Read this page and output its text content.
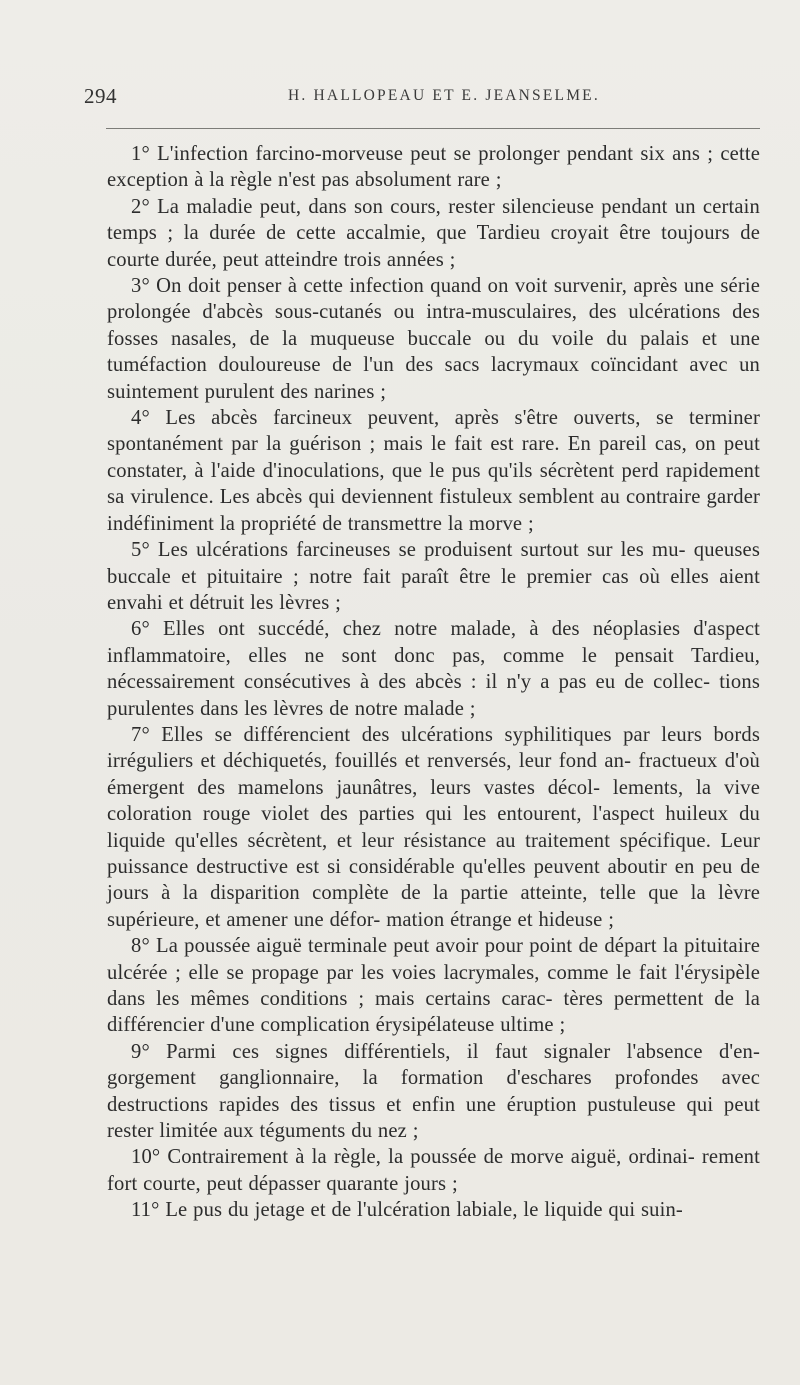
294	H. HALLOPEAU ET E. JEANSELME.

1° L'infection farcino-morveuse peut se prolonger pendant six ans ; cette exception à la règle n'est pas absolument rare ;

2° La maladie peut, dans son cours, rester silencieuse pendant un certain temps ; la durée de cette accalmie, que Tardieu croyait être toujours de courte durée, peut atteindre trois années ;

3° On doit penser à cette infection quand on voit survenir, après une série prolongée d'abcès sous-cutanés ou intra-musculaires, des ulcérations des fosses nasales, de la muqueuse buccale ou du voile du palais et une tuméfaction douloureuse de l'un des sacs lacrymaux coïncidant avec un suintement purulent des narines ;

4° Les abcès farcineux peuvent, après s'être ouverts, se terminer spontanément par la guérison ; mais le fait est rare. En pareil cas, on peut constater, à l'aide d'inoculations, que le pus qu'ils sécrètent perd rapidement sa virulence. Les abcès qui deviennent fistuleux semblent au contraire garder indéfiniment la propriété de transmettre la morve ;

5° Les ulcérations farcineuses se produisent surtout sur les mu- queuses buccale et pituitaire ; notre fait paraît être le premier cas où elles aient envahi et détruit les lèvres ;

6° Elles ont succédé, chez notre malade, à des néoplasies d'aspect inflammatoire, elles ne sont donc pas, comme le pensait Tardieu, nécessairement consécutives à des abcès : il n'y a pas eu de collec- tions purulentes dans les lèvres de notre malade ;

7° Elles se différencient des ulcérations syphilitiques par leurs bords irréguliers et déchiquetés, fouillés et renversés, leur fond an- fractueux d'où émergent des mamelons jaunâtres, leurs vastes décol- lements, la vive coloration rouge violet des parties qui les entourent, l'aspect huileux du liquide qu'elles sécrètent, et leur résistance au traitement spécifique. Leur puissance destructive est si considérable qu'elles peuvent aboutir en peu de jours à la disparition complète de la partie atteinte, telle que la lèvre supérieure, et amener une défor- mation étrange et hideuse ;

8° La poussée aiguë terminale peut avoir pour point de départ la pituitaire ulcérée ; elle se propage par les voies lacrymales, comme le fait l'érysipèle dans les mêmes conditions ; mais certains carac- tères permettent de la différencier d'une complication érysipélateuse ultime ;

9° Parmi ces signes différentiels, il faut signaler l'absence d'en- gorgement ganglionnaire, la formation d'eschares profondes avec destructions rapides des tissus et enfin une éruption pustuleuse qui peut rester limitée aux téguments du nez ;

10° Contrairement à la règle, la poussée de morve aiguë, ordinai- rement fort courte, peut dépasser quarante jours ;

11° Le pus du jetage et de l'ulcération labiale, le liquide qui suin-
